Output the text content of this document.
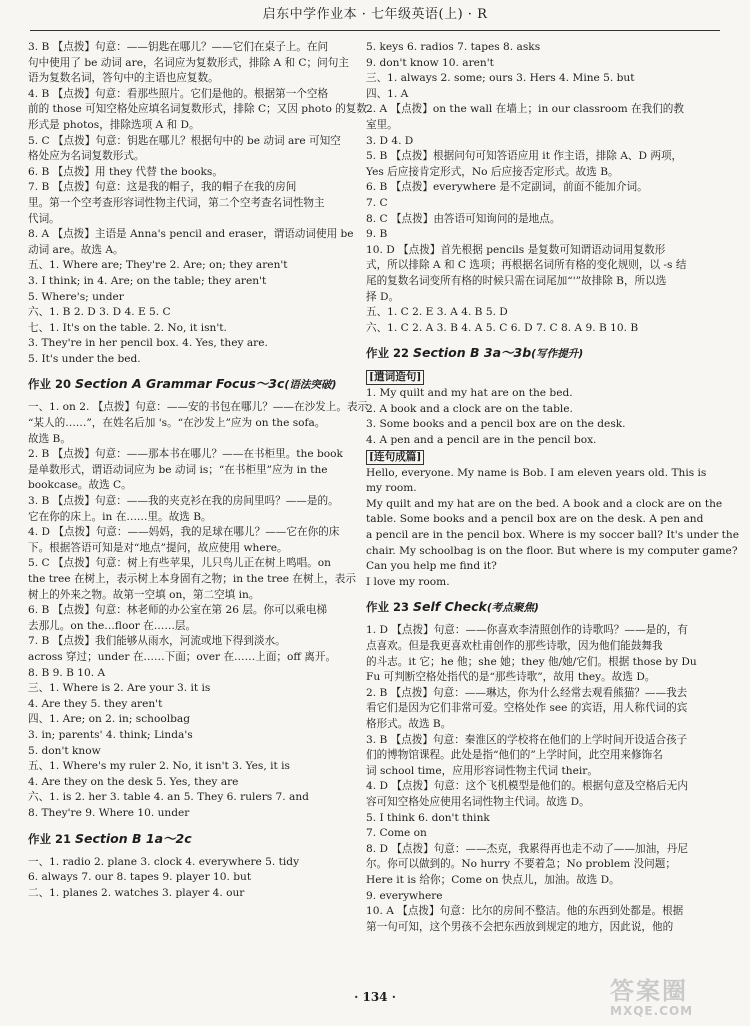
启东中学作业本 · 七年级英语(上) · R
3. B 【点拨】句意：——钥匙在哪儿？——它们在桌子上。在问
句中使用了 be 动词 are，名词应为复数形式，排除 A 和 C；问句主
语为复数名词，答句中的主语也应复数。
4. B 【点拨】句意：看那些照片。它们是他的。根据第一个空格
前的 those 可知空格处应填名词复数形式，排除 C；又因 photo 的复数
形式是 photos，排除选项 A 和 D。
5. C 【点拨】句意：钥匙在哪儿？根据句中的 be 动词 are 可知空
格处应为名词复数形式。
6. B 【点拨】用 they 代替 the books。
7. B 【点拨】句意：这是我的帽子，我的帽子在我的房间
里。第一个空考查形容词性物主代词，第二个空考查名词性物主
代词。
8. A 【点拨】主语是 Anna's pencil and eraser，谓语动词使用 be
动词 are。故选 A。
五、1. Where are; They're 2. Are; on; they aren't
3. I think; in 4. Are; on the table; they aren't
5. Where's; under
六、1. B 2. D 3. D 4. E 5. C
七、1. It's on the table. 2. No, it isn't.
3. They're in her pencil box. 4. Yes, they are.
5. It's under the bed.
作业 20 Section A Grammar Focus～3c(语法突破)
一、1. on 2. 【点拨】句意：——安的书包在哪儿？——在沙发上。表示
“某人的……”，在姓名后加 's。“在沙发上”应为 on the sofa。
故选 B。
2. B 【点拨】句意：——那本书在哪儿？——在书柜里。the book
是单数形式，谓语动词应为 be 动词 is；“在书柜里”应为 in the
bookcase。故选 C。
3. B 【点拨】句意：——我的夹克衫在我的房间里吗？——是的。
它在你的床上。in 在……里。故选 B。
4. D 【点拨】句意：——妈妈，我的足球在哪儿？——它在你的床
下。根据答语可知是对“地点”提问，故应使用 where。
5. C 【点拨】句意：树上有些苹果，儿只鸟儿正在树上鸣唱。on
the tree 在树上，表示树上本身固有之物；in the tree 在树上，表示
树上的外来之物。故第一空填 on，第二空填 in。
6. B 【点拨】句意：林老师的办公室在第 26 层。你可以乘电梯
去那儿。on the…floor 在……层。
7. B 【点拨】我们能够从雨水，河流或地下得到淡水。
across 穿过；under 在……下面；over 在……上面；off 离开。
8. B 9. B 10. A
三、1. Where is 2. Are your 3. it is
4. Are they 5. they aren't
四、1. Are; on 2. in; schoolbag
3. in; parents' 4. think; Linda's
5. don't know
五、1. Where's my ruler 2. No, it isn't 3. Yes, it is
4. Are they on the desk 5. Yes, they are
六、1. is 2. her 3. table 4. an 5. They 6. rulers 7. and
8. They're 9. Where 10. under
作业 21 Section B 1a～2c
一、1. radio 2. plane 3. clock 4. everywhere 5. tidy
6. always 7. our 8. tapes 9. player 10. but
二、1. planes 2. watches 3. player 4. our
5. keys 6. radios 7. tapes 8. asks
9. don't know 10. aren't
三、1. always 2. some; ours 3. Hers 4. Mine 5. but
四、1. A
2. A 【点拨】on the wall 在墙上；in our classroom 在我们的教
室里。
3. D 4. D
5. B 【点拨】根据问句可知答语应用 it 作主语，排除 A、D 两项，
Yes 后应接肯定形式，No 后应接否定形式。故选 B。
6. B 【点拨】everywhere 是不定副词，前面不能加介词。
7. C
8. C 【点拨】由答语可知询问的是地点。
9. B
10. D 【点拨】首先根据 pencils 是复数可知谓语动词用复数形
式，所以排除 A 和 C 选项；再根据名词所有格的变化规则，以 -s 结
尾的复数名词变所有格的时候只需在词尾加“'”故排除 B，所以选
择 D。
五、1. C 2. E 3. A 4. B 5. D
六、1. C 2. A 3. B 4. A 5. C 6. D 7. C 8. A 9. B 10. B
作业 22 Section B 3a～3b(写作提升)
[遣词造句]
1. My quilt and my hat are on the bed.
2. A book and a clock are on the table.
3. Some books and a pencil box are on the desk.
4. A pen and a pencil are in the pencil box.
[连句成篇]
Hello, everyone. My name is Bob. I am eleven years old. This is
my room.
My quilt and my hat are on the bed. A book and a clock are on the
table. Some books and a pencil box are on the desk. A pen and
a pencil are in the pencil box. Where is my soccer ball? It's under the
chair. My schoolbag is on the floor. But where is my computer game?
Can you help me find it?
I love my room.
作业 23 Self Check(考点聚焦)
1. D 【点拨】句意：——你喜欢李清照创作的诗歌吗？——是的，有
点喜欢。但是我更喜欢杜甫创作的那些诗歌，因为他们能鼓舞我
的斗志。it 它；he 他；she 她；they 他/她/它们。根据 those by Du
Fu 可判断空格处指代的是“那些诗歌”，故用 they。故选 D。
2. B 【点拨】句意：——琳达，你为什么经常去观看熊猫？——我去
看它们是因为它们非常可爱。空格处作 see 的宾语，用人称代词的宾
格形式。故选 B。
3. B 【点拨】句意：秦淮区的学校将在他们的上学时间开设适合孩子
们的博物馆课程。此处是指“他们的”上学时间，此空用来修饰名
词 school time，应用形容词性物主代词 their。
4. D 【点拨】句意：这个飞机模型是他们的。根据句意及空格后无内
容可知空格处应使用名词性物主代词。故选 D。
5. I think 6. don't think
7. Come on
8. D 【点拨】句意：——杰克，我累得再也走不动了——加油，丹尼
尔。你可以做到的。No hurry 不要着急；No problem 没问题；
Here it is 给你；Come on 快点儿，加油。故选 D。
9. everywhere
10. A 【点拨】句意：比尔的房间不整洁。他的东西到处都是。根据
第一句可知，这个男孩不会把东西放到规定的地方，因此说，他的
· 134 ·	答案圈
MXQE.COM
